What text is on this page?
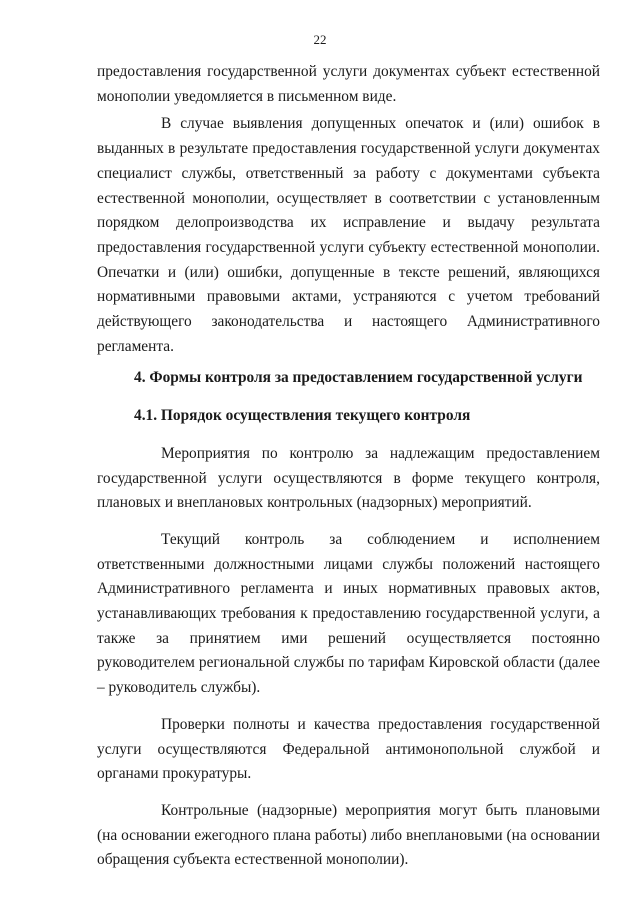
22

предоставления государственной услуги документах субъект естественной монополии уведомляется в письменном виде.

В случае выявления допущенных опечаток и (или) ошибок в выданных в результате предоставления государственной услуги документах специалист службы, ответственный за работу с документами субъекта естественной монополии, осуществляет в соответствии с установленным порядком делопроизводства их исправление и выдачу результата предоставления государственной услуги субъекту естественной монополии. Опечатки и (или) ошибки, допущенные в тексте решений, являющихся нормативными правовыми актами, устраняются с учетом требований действующего законодательства и настоящего Административного регламента.

4. Формы контроля за предоставлением государственной услуги

4.1. Порядок осуществления текущего контроля

Мероприятия по контролю за надлежащим предоставлением государственной услуги осуществляются в форме текущего контроля, плановых и внеплановых контрольных (надзорных) мероприятий.

Текущий контроль за соблюдением и исполнением ответственными должностными лицами службы положений настоящего Административного регламента и иных нормативных правовых актов, устанавливающих требования к предоставлению государственной услуги, а также за принятием ими решений осуществляется постоянно руководителем региональной службы по тарифам Кировской области (далее – руководитель службы).

Проверки полноты и качества предоставления государственной услуги осуществляются Федеральной антимонопольной службой и органами прокуратуры.

Контрольные (надзорные) мероприятия могут быть плановыми (на основании ежегодного плана работы) либо внеплановыми (на основании обращения субъекта естественной монополии).
